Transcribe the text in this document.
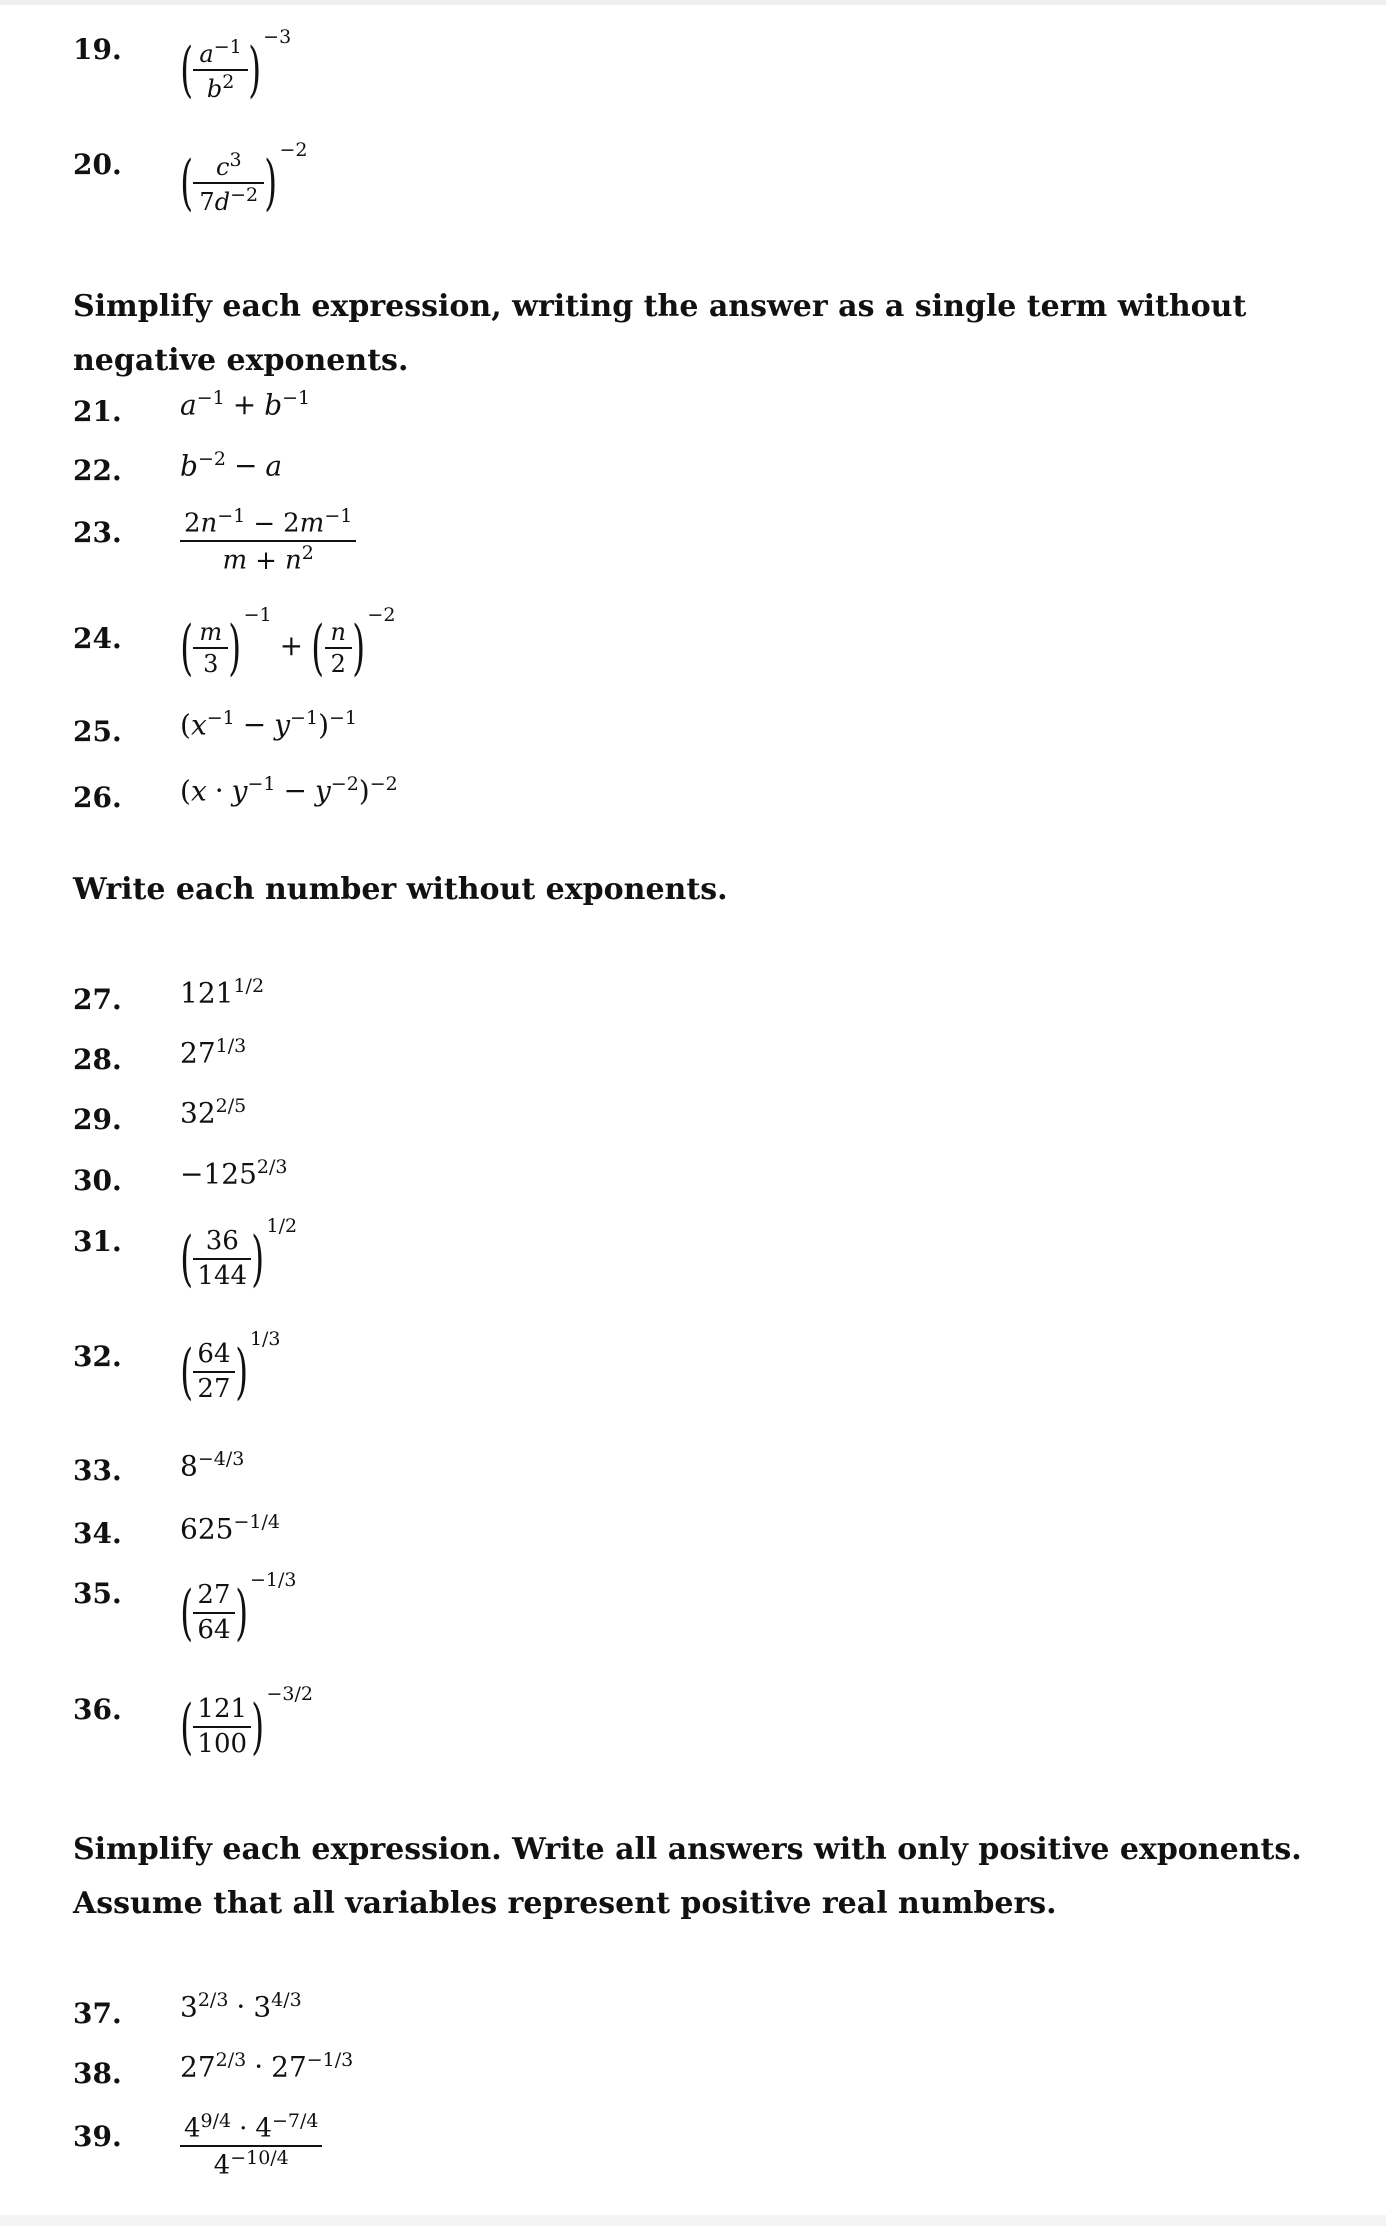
19. ( $\frac{a^{-1}}{b^2}$ ) $^{-3}$
20. ( $\frac{c^3}{7d^{-2}}$ ) $^{-2}$
Simplify each expression, writing the answer as a single term without negative exponents.
21. $a^{-1} + b^{-1}$
22. $b^{-2} - a$
23. $\frac{2n^{-1} - 2m^{-1}}{m + n^2}$
24. ( $\frac{m}{3}$ ) $^{-1}$+ ( $\frac{n}{2}$ ) $^{-2}$
25. $(x^{-1} - y^{-1})^{-1}$
26. $(x \cdot y^{-1} - y^{-2})^{-2}$
Write each number without exponents.
27. $121^{1/2}$
28. $27^{1/3}$
29. $32^{2/5}$
30. $-125^{2/3}$
31. ( $\frac{36}{144}$ ) $^{1/2}$
32. ( $\frac{64}{27}$ ) $^{1/3}$
33. $8^{-4/3}$
34. $625^{-1/4}$
35. ( $\frac{27}{64}$ ) $^{-1/3}$
36. ( $\frac{121}{100}$ ) $^{-3/2}$
Simplify each expression. Write all answers with only positive exponents. Assume that all variables represent positive real numbers.
37. $3^{2/3} \cdot 3^{4/3}$
38. $27^{2/3} \cdot 27^{-1/3}$
39. $\frac{4^{9/4} \cdot 4^{-7/4}}{4^{-10/4}}$
